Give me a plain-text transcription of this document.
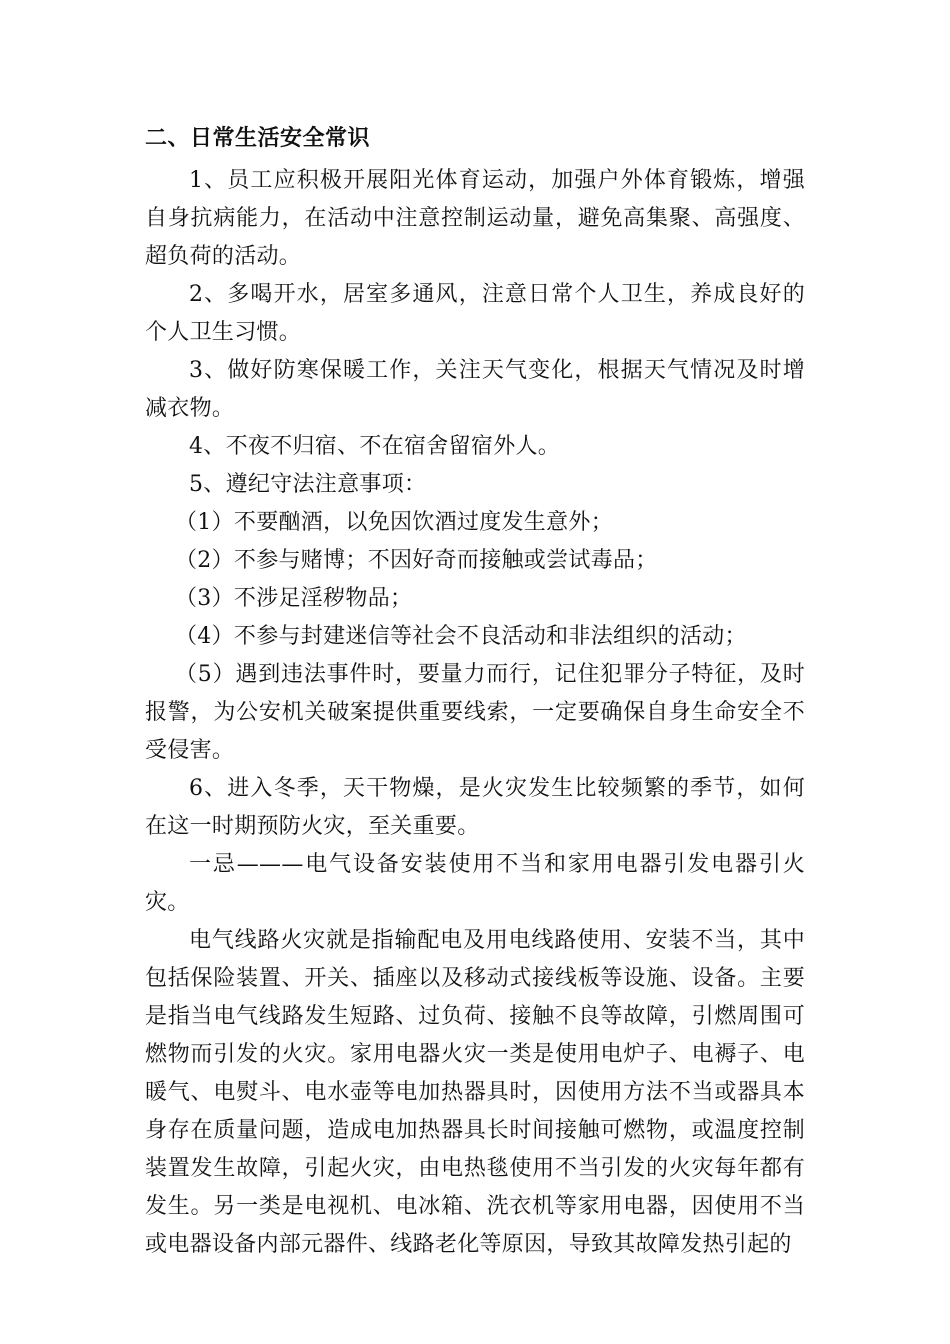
二、日常生活安全常识

1、员工应积极开展阳光体育运动，加强户外体育锻炼，增强自身抗病能力，在活动中注意控制运动量，避免高集聚、高强度、超负荷的活动。

2、多喝开水，居室多通风，注意日常个人卫生，养成良好的个人卫生习惯。

3、做好防寒保暖工作，关注天气变化，根据天气情况及时增减衣物。

4、不夜不归宿、不在宿舍留宿外人。

5、遵纪守法注意事项：

（1）不要酗酒，以免因饮酒过度发生意外；

（2）不参与赌博；不因好奇而接触或尝试毒品；

（3）不涉足淫秽物品；

（4）不参与封建迷信等社会不良活动和非法组织的活动；

（5）遇到违法事件时，要量力而行，记住犯罪分子特征，及时报警，为公安机关破案提供重要线索，一定要确保自身生命安全不受侵害。

6、进入冬季，天干物燥，是火灾发生比较频繁的季节，如何在这一时期预防火灾，至关重要。

一忌———电气设备安装使用不当和家用电器引发电器引火灾。

电气线路火灾就是指输配电及用电线路使用、安装不当，其中包括保险装置、开关、插座以及移动式接线板等设施、设备。主要是指当电气线路发生短路、过负荷、接触不良等故障，引燃周围可燃物而引发的火灾。家用电器火灾一类是使用电炉子、电褥子、电暖气、电熨斗、电水壶等电加热器具时，因使用方法不当或器具本身存在质量问题，造成电加热器具长时间接触可燃物，或温度控制装置发生故障，引起火灾，由电热毯使用不当引发的火灾每年都有发生。另一类是电视机、电冰箱、洗衣机等家用电器，因使用不当或电器设备内部元器件、线路老化等原因，导致其故障发热引起的
